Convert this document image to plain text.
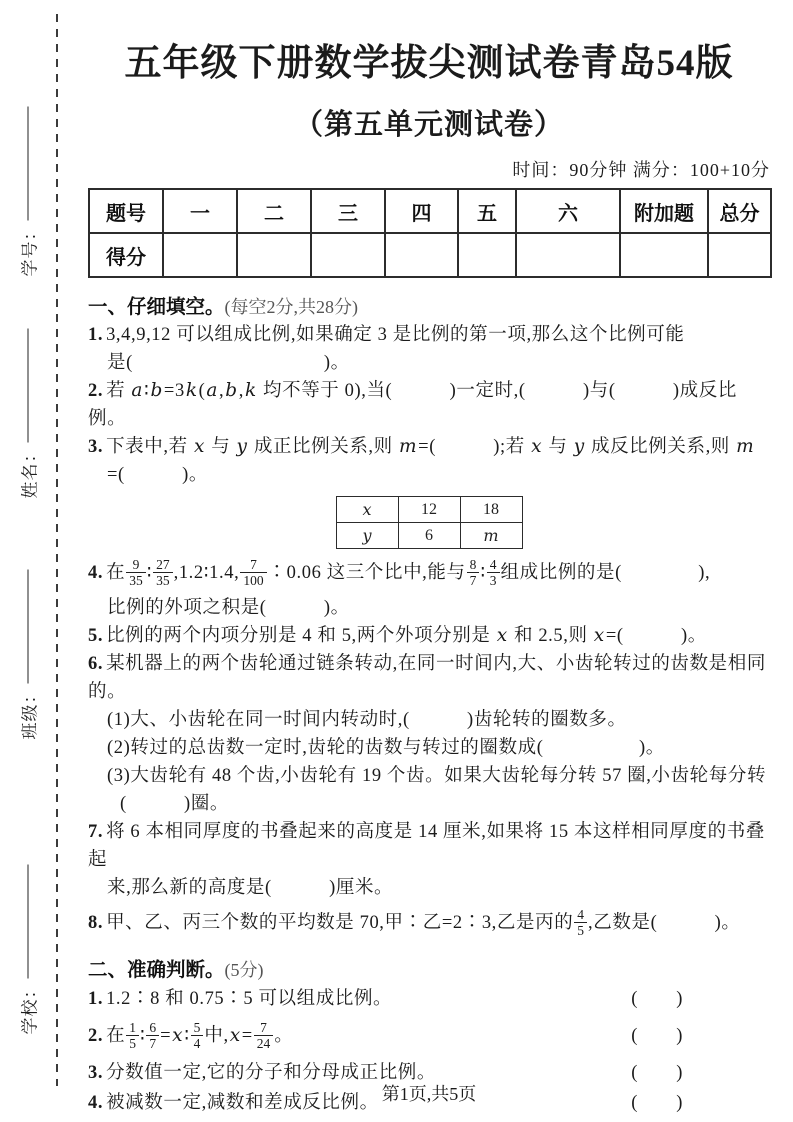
学号：
姓名：
班级：
学校：
五年级下册数学拔尖测试卷青岛54版
（第五单元测试卷）
时间：90分钟 满分：100+10分
题号	一	二	三	四	五	六	附加题	总分
得分								
一、仔细填空。(每空2分,共28分)
1. 3,4,9,12 可以组成比例,如果确定 3 是比例的第一项,那么这个比例可能
是(　　　　　　　　　　)。
2. 若 a∶b=3k(a,b,k 均不等于 0),当(　　　)一定时,(　　　)与(　　　)成反比例。
3. 下表中,若 x 与 y 成正比例关系,则 m=(　　　);若 x 与 y 成反比例关系,则 m
=(　　　)。
x	12	18
y	6	m
4. 在 $\frac{9}{35}$ ∶ $\frac{27}{35}$ ,1.2∶1.4, $\frac{7}{100}$ ∶0.06 这三个比中,能与 $\frac{8}{7}$ ∶ $\frac{4}{3}$ 组成比例的是(　　　　),
比例的外项之积是(　　　)。
5. 比例的两个内项分别是 4 和 5,两个外项分别是 x 和 2.5,则 x=(　　　)。
6. 某机器上的两个齿轮通过链条转动,在同一时间内,大、小齿轮转过的齿数是相同的。
(1)大、小齿轮在同一时间内转动时,(　　　)齿轮转的圈数多。
(2)转过的总齿数一定时,齿轮的齿数与转过的圈数成(　　　　　)。
(3)大齿轮有 48 个齿,小齿轮有 19 个齿。如果大齿轮每分转 57 圈,小齿轮每分转
(　　　)圈。
7. 将 6 本相同厚度的书叠起来的高度是 14 厘米,如果将 15 本这样相同厚度的书叠起
来,那么新的高度是(　　　)厘米。
8. 甲、乙、丙三个数的平均数是 70,甲∶乙=2∶3,乙是丙的 $\frac{4}{5}$ ,乙数是(　　　)。
二、准确判断。(5分)
1. 1.2∶8 和 0.75∶5 可以组成比例。	(　　)
2. 在 $\frac{1}{5}$ ∶ $\frac{6}{7}$ =x∶ $\frac{5}{4}$ 中$,x= \frac{7}{24}$ 。	(　　)
3. 分数值一定,它的分子和分母成正比例。	(　　)
4. 被减数一定,减数和差成反比例。	(　　)
第1页,共5页
